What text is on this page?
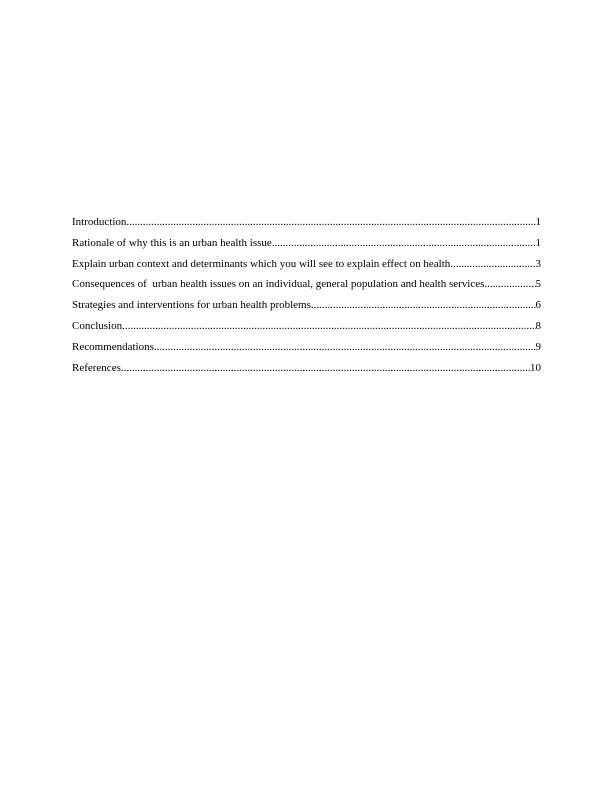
Introduction .....	1
Rationale of why this is an urban health issue .....	1
Explain urban context and determinants which you will see to explain effect on health .....	3
Consequences of  urban health issues on an individual, general population and health services .....	5
Strategies and interventions for urban health problems .....	6
Conclusion .....	8
Recommendations .....	9
References .....	10
